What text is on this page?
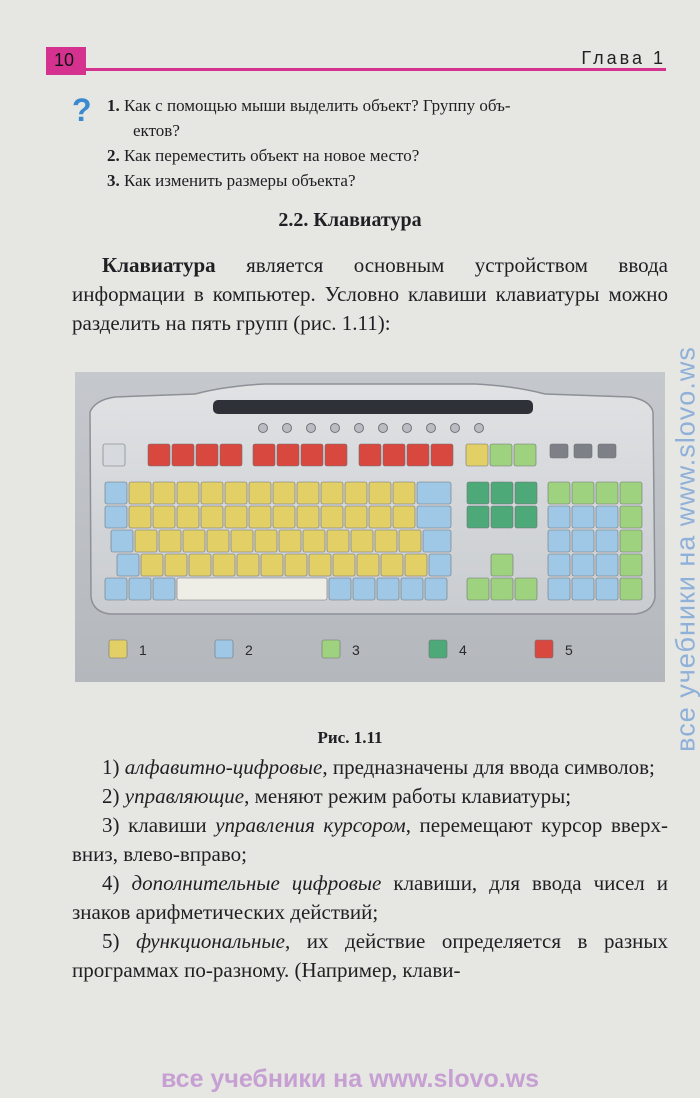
10	Глава 1
? 1. Как с помощью мыши выделить объект? Группу объ-

ектов?

2. Как переместить объект на новое место?

3. Как изменить размеры объекта?

2.2. Клавиатура

Клавиатура является основным устройством ввода информации в компьютер. Условно клавиши клавиатуры можно разделить на пять групп (рис. 1.11):

1	2	3	4	5
Рис. 1.11

1) алфавитно-цифровые, предназначены для ввода символов;

2) управляющие, меняют режим работы клавиатуры;

3) клавиши управления курсором, перемещают курсор вверх-вниз, влево-вправо;

4) дополнительные цифровые клавиши, для ввода чисел и знаков арифметических действий;

5) функциональные, их действие определяется в разных программах по-разному. (Например, клави-

все учебники на www.slovo.ws
все учебники на www.slovo.ws
